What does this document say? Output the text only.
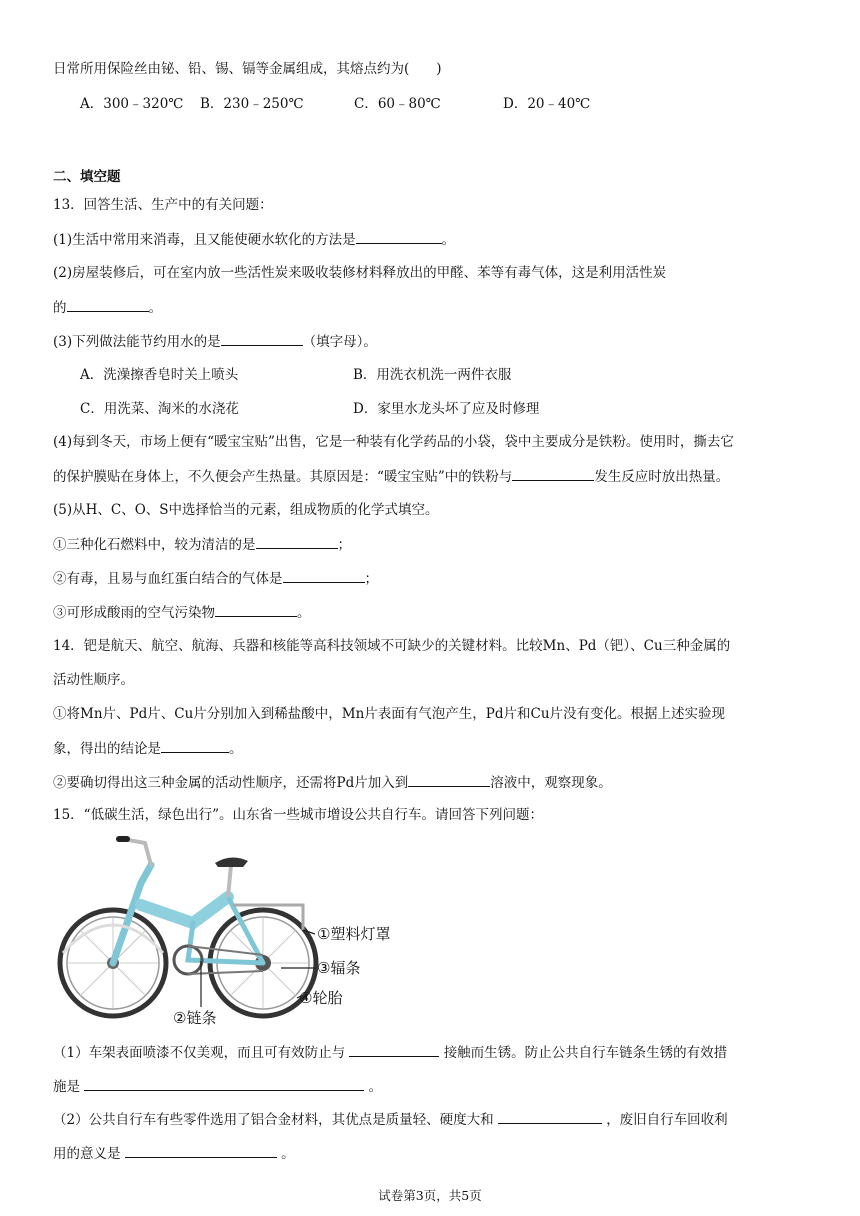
日常所用保险丝由铋、铅、锡、镉等金属组成，其熔点约为(　　)
A．300﹣320℃ B．230﹣250℃	C．60﹣80℃	D．20﹣40℃
二、填空题
13．回答生活、生产中的有关问题：
(1)生活中常用来消毒，且又能使硬水软化的方法是	。
(2)房屋装修后，可在室内放一些活性炭来吸收装修材料释放出的甲醛、苯等有毒气体，这是利用活性炭
的	。
(3)下列做法能节约用水的是	（填字母）。
A．洗澡擦香皂时关上喷头	B．用洗衣机洗一两件衣服
C．用洗菜、淘米的水浇花	D．家里水龙头坏了应及时修理
(4)每到冬天，市场上便有“暖宝宝贴”出售，它是一种装有化学药品的小袋，袋中主要成分是铁粉。使用时，撕去它
的保护膜贴在身体上，不久便会产生热量。其原因是：“暖宝宝贴”中的铁粉与	发生反应时放出热量。
(5)从H、C、O、S中选择恰当的元素，组成物质的化学式填空。
①三种化石燃料中，较为清洁的是	；
②有毒，且易与血红蛋白结合的气体是	；
③可形成酸雨的空气污染物	。
14．钯是航天、航空、航海、兵器和核能等高科技领域不可缺少的关键材料。比较Mn、Pd（钯）、Cu三种金属的
活动性顺序。
①将Mn片、Pd片、Cu片分别加入到稀盐酸中，Mn片表面有气泡产生，Pd片和Cu片没有变化。根据上述实验现
象，得出的结论是	。
②要确切得出这三种金属的活动性顺序，还需将Pd片加入到	溶液中，观察现象。
15．“低碳生活，绿色出行”。山东省一些城市增设公共自行车。请回答下列问题：
①塑料灯罩
③辐条
④轮胎
②链条
（1）车架表面喷漆不仅美观，而且可有效防止与	接触而生锈。防止公共自行车链条生锈的有效措
施是	。
（2）公共自行车有些零件选用了铝合金材料，其优点是质量轻、硬度大和	，废旧自行车回收利
用的意义是	。
试卷第3页，共5页
